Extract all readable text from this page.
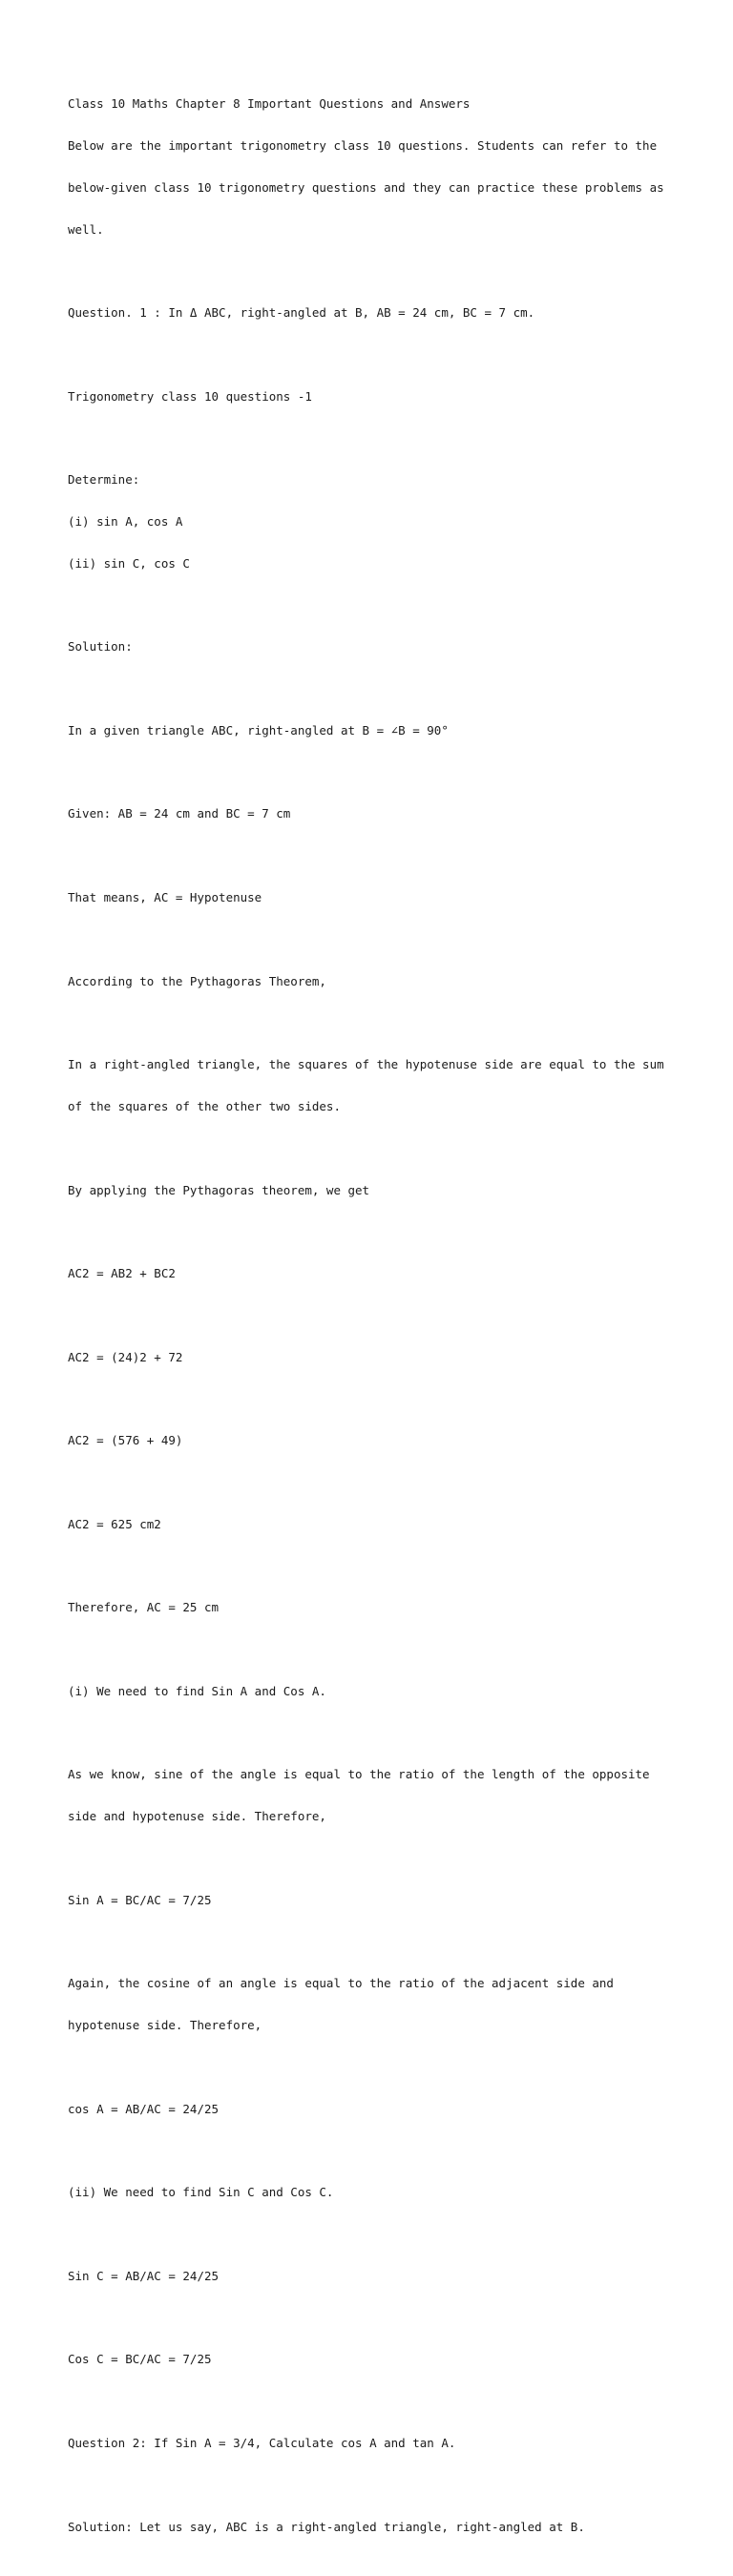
Class 10 Maths Chapter 8 Important Questions and Answers

Below are the important trigonometry class 10 questions. Students can refer to the

below-given class 10 trigonometry questions and they can practice these problems as

well.

Question. 1 : In Δ ABC, right-angled at B, AB = 24 cm, BC = 7 cm.

Trigonometry class 10 questions -1

Determine:

(i) sin A, cos A

(ii) sin C, cos C

Solution:

In a given triangle ABC, right-angled at B = ∠B = 90°

Given: AB = 24 cm and BC = 7 cm

That means, AC = Hypotenuse

According to the Pythagoras Theorem,

In a right-angled triangle, the squares of the hypotenuse side are equal to the sum

of the squares of the other two sides.

By applying the Pythagoras theorem, we get

AC2 = AB2 + BC2

AC2 = (24)2 + 72

AC2 = (576 + 49)

AC2 = 625 cm2

Therefore, AC = 25 cm

(i) We need to find Sin A and Cos A.

As we know, sine of the angle is equal to the ratio of the length of the opposite

side and hypotenuse side. Therefore,

Sin A = BC/AC = 7/25

Again, the cosine of an angle is equal to the ratio of the adjacent side and

hypotenuse side. Therefore,

cos A = AB/AC = 24/25

(ii) We need to find Sin C and Cos C.

Sin C = AB/AC = 24/25

Cos C = BC/AC = 7/25

Question 2: If Sin A = 3/4, Calculate cos A and tan A.

Solution: Let us say, ABC is a right-angled triangle, right-angled at B.
